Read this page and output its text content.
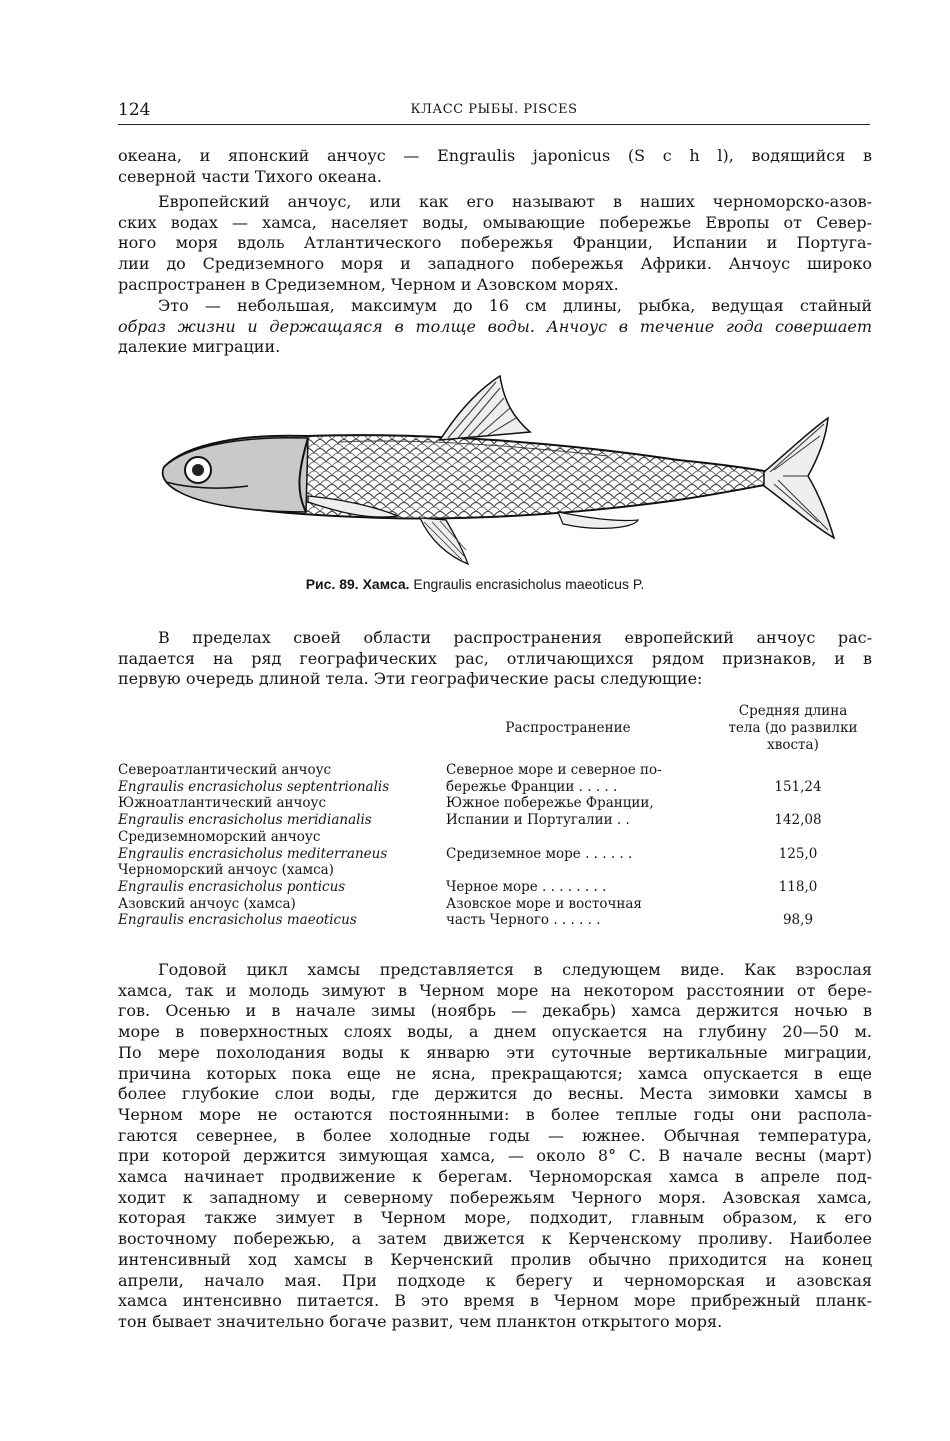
124	КЛАСС РЫБЫ. PISCES

океана, и японский анчоус — Engraulis japonicus (S c h l), водящийся в
северной части Тихого океана.

Европейский анчоус, или как его называют в наших черноморско-азов-
ских водах — хамса, населяет воды, омывающие побережье Европы от Север-
ного моря вдоль Атлантического побережья Франции, Испании и Португа-
лии до Средиземного моря и западного побережья Африки. Анчоус широко
распространен в Средиземном, Черном и Азовском морях.

Это — небольшая, максимум до 16 см длины, рыбка, ведущая стайный
образ жизни и держащаяся в толще воды. Анчоус в течение года совершает
далекие миграции.

Рис. 89. Хамса. Engraulis encrasicholus maeoticus P.

В пределах своей области распространения европейский анчоус рас-
падается на ряд географических рас, отличающихся рядом признаков, и в
первую очередь длиной тела. Эти географические расы следующие:

Распространение
Средняя длина
тела (до развилки
хвоста)
Североатлантический анчоус	Северное море и северное по-
Engraulis encrasicholus septentrionalis	бережье Франции . . . . .	151,24
Южноатлантический анчоус	Южное побережье Франции,
Engraulis encrasicholus meridianalis	Испании и Португалии . .	142,08
Средиземноморский анчоус
Engraulis encrasicholus mediterraneus	Средиземное море . . . . . .	125,0
Черноморский анчоус (хамса)
Engraulis encrasicholus ponticus	Черное море . . . . . . . .	118,0
Азовский анчоус (хамса)	Азовское море и восточная
Engraulis encrasicholus maeoticus	часть Черного . . . . . .	98,9

Годовой цикл хамсы представляется в следующем виде. Как взрослая
хамса, так и молодь зимуют в Черном море на некотором расстоянии от бере-
гов. Осенью и в начале зимы (ноябрь — декабрь) хамса держится ночью в
море в поверхностных слоях воды, а днем опускается на глубину 20—50 м.
По мере похолодания воды к январю эти суточные вертикальные миграции,
причина которых пока еще не ясна, прекращаются; хамса опускается в еще
более глубокие слои воды, где держится до весны. Места зимовки хамсы в
Черном море не остаются постоянными: в более теплые годы они распола-
гаются севернее, в более холодные годы — южнее. Обычная температура,
при которой держится зимующая хамса, — около 8° С. В начале весны (март)
хамса начинает продвижение к берегам. Черноморская хамса в апреле под-
ходит к западному и северному побережьям Черного моря. Азовская хамса,
которая также зимует в Черном море, подходит, главным образом, к его
восточному побережью, а затем движется к Керченскому проливу. Наиболее
интенсивный ход хамсы в Керченский пролив обычно приходится на конец
апрели, начало мая. При подходе к берегу и черноморская и азовская
хамса интенсивно питается. В это время в Черном море прибрежный планк-
тон бывает значительно богаче развит, чем планктон открытого моря.
